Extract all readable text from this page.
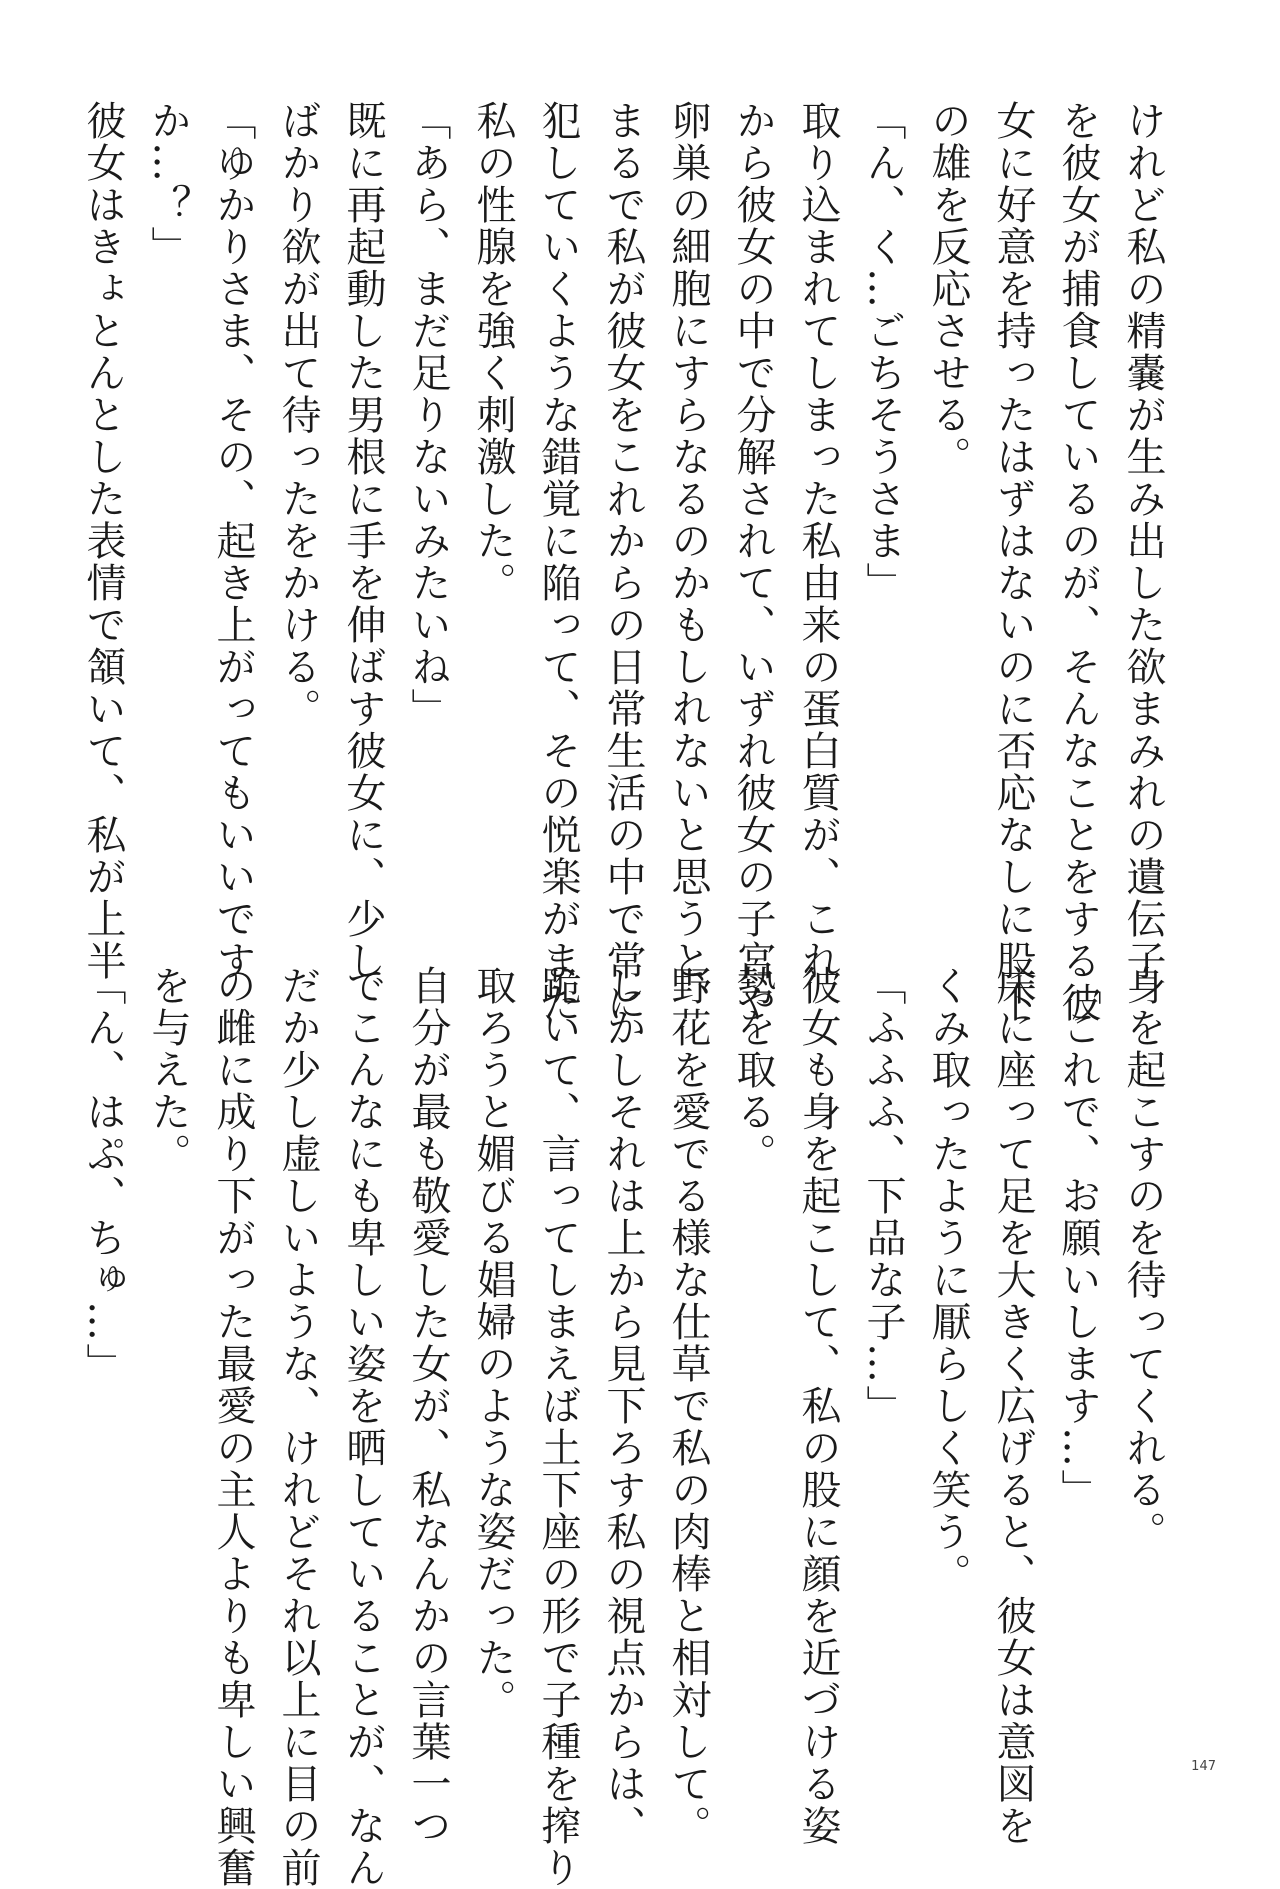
けれど私の精嚢が生み出した欲まみれの遺伝子
を彼女が捕食しているのが、そんなことをする彼
女に好意を持ったはずはないのに否応なしに股下
の雄を反応させる。
「ん、く…ごちそうさま」
取り込まれてしまった私由来の蛋白質が、これ
から彼女の中で分解されて、いずれ彼女の子宮や
卵巣の細胞にすらなるのかもしれないと思うと、
まるで私が彼女をこれからの日常生活の中で常に
犯していくような錯覚に陥って、その悦楽がまた
私の性腺を強く刺激した。
「あら、まだ足りないみたいね」
既に再起動した男根に手を伸ばす彼女に、少し
ばかり欲が出て待ったをかける。
「ゆかりさま、その、起き上がってもいいです
か…？」
彼女はきょとんとした表情で頷いて、私が上半
身を起こすのを待ってくれる。
「これで、お願いします…」
床に座って足を大きく広げると、彼女は意図を
くみ取ったように厭らしく笑う。
「ふふふ、下品な子…」
彼女も身を起こして、私の股に顔を近づける姿
勢を取る。
野花を愛でる様な仕草で私の肉棒と相対して。
しかしそれは上から見下ろす私の視点からは、
跪いて、言ってしまえば土下座の形で子種を搾り
取ろうと媚びる娼婦のような姿だった。
自分が最も敬愛した女が、私なんかの言葉一つ
でこんなにも卑しい姿を晒していることが、なん
だか少し虚しいような、けれどそれ以上に目の前
の雌に成り下がった最愛の主人よりも卑しい興奮
を与えた。
「ん、はぷ、ちゅ…」
147
